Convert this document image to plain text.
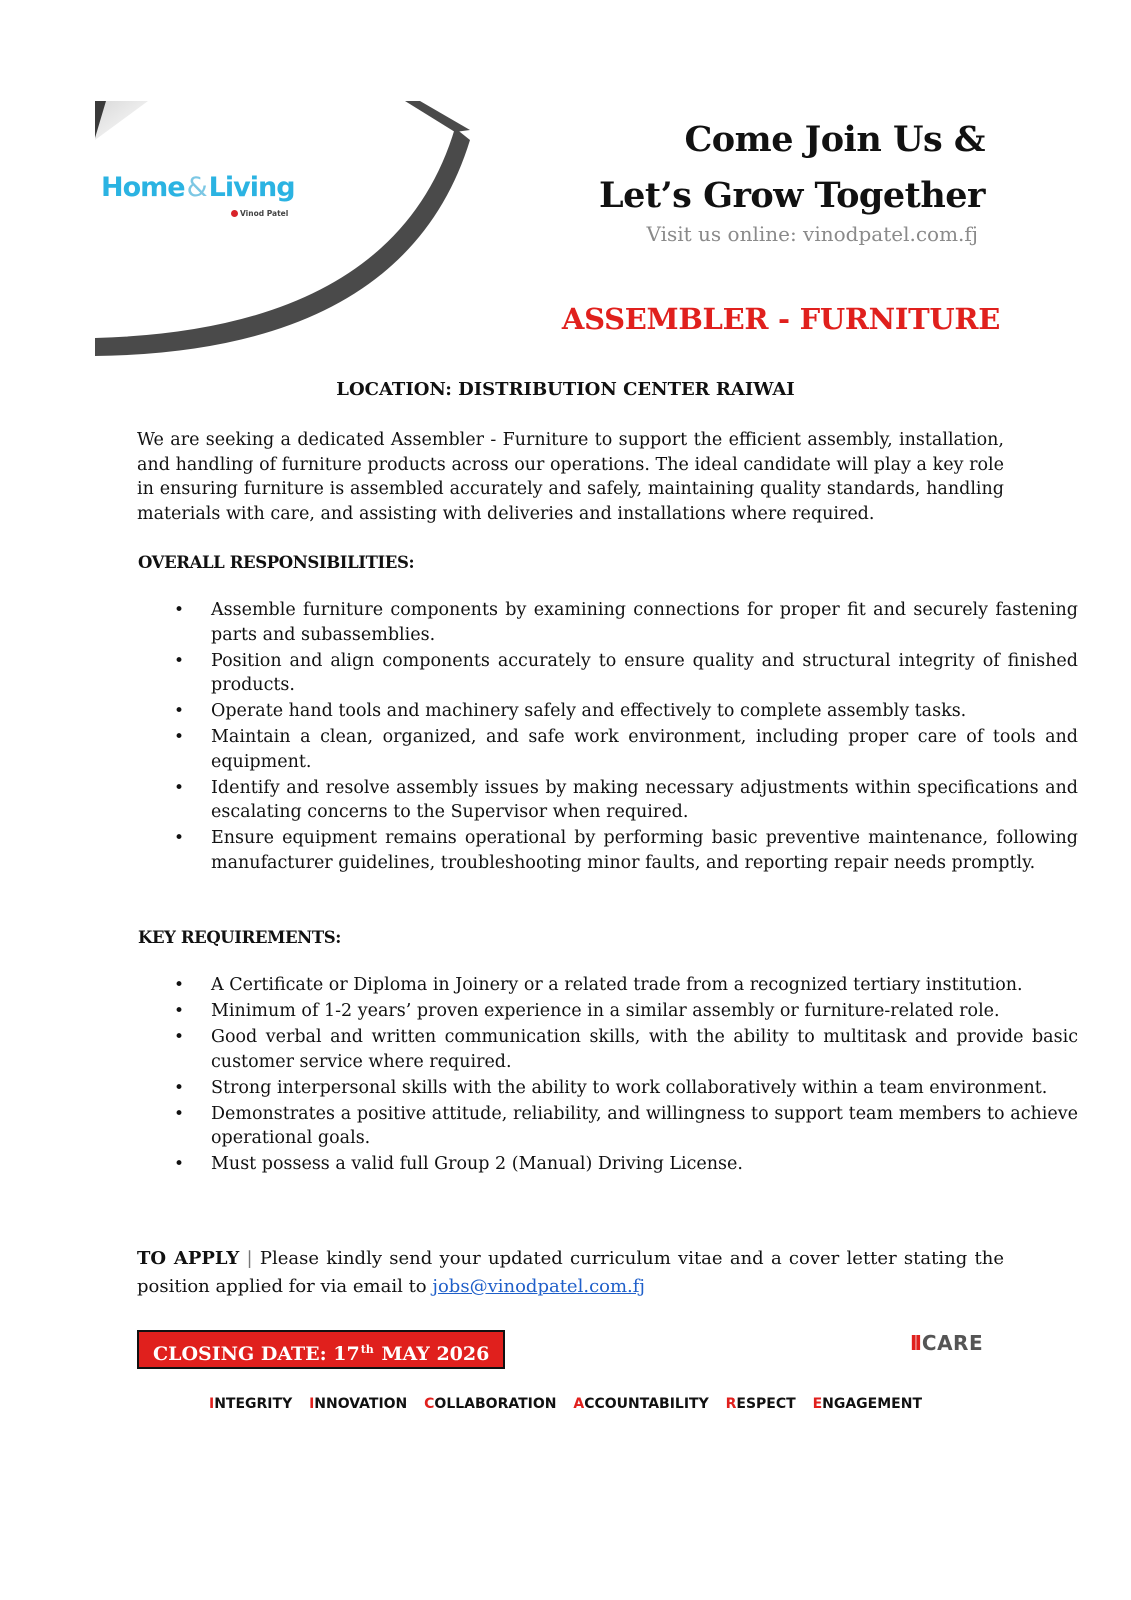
Home&Living
Vinod Patel
Come Join Us &
Let’s Grow Together
Visit us online: vinodpatel.com.fj
ASSEMBLER - FURNITURE
LOCATION: DISTRIBUTION CENTER RAIWAI
We are seeking a dedicated Assembler - Furniture to support the efficient assembly, installation, and handling of furniture products across our operations. The ideal candidate will play a key role in ensuring furniture is assembled accurately and safely, maintaining quality standards, handling materials with care, and assisting with deliveries and installations where required.
OVERALL RESPONSIBILITIES:
• Assemble furniture components by examining connections for proper fit and securely fastening parts and subassemblies.
• Position and align components accurately to ensure quality and structural integrity of finished products.
• Operate hand tools and machinery safely and effectively to complete assembly tasks.
• Maintain a clean, organized, and safe work environment, including proper care of tools and equipment.
• Identify and resolve assembly issues by making necessary adjustments within specifications and escalating concerns to the Supervisor when required.
• Ensure equipment remains operational by performing basic preventive maintenance, following manufacturer guidelines, troubleshooting minor faults, and reporting repair needs promptly.
KEY REQUIREMENTS:
• A Certificate or Diploma in Joinery or a related trade from a recognized tertiary institution.
• Minimum of 1-2 years’ proven experience in a similar assembly or furniture-related role.
• Good verbal and written communication skills, with the ability to multitask and provide basic customer service where required.
• Strong interpersonal skills with the ability to work collaboratively within a team environment.
• Demonstrates a positive attitude, reliability, and willingness to support team members to achieve operational goals.
• Must possess a valid full Group 2 (Manual) Driving License.
TO APPLY | Please kindly send your updated curriculum vitae and a cover letter stating the position applied for via email to jobs@vinodpatel.com.fj
CLOSING DATE: 17th MAY 2026	II CARE
INTEGRITY INNOVATION COLLABORATION ACCOUNTABILITY RESPECT ENGAGEMENT
